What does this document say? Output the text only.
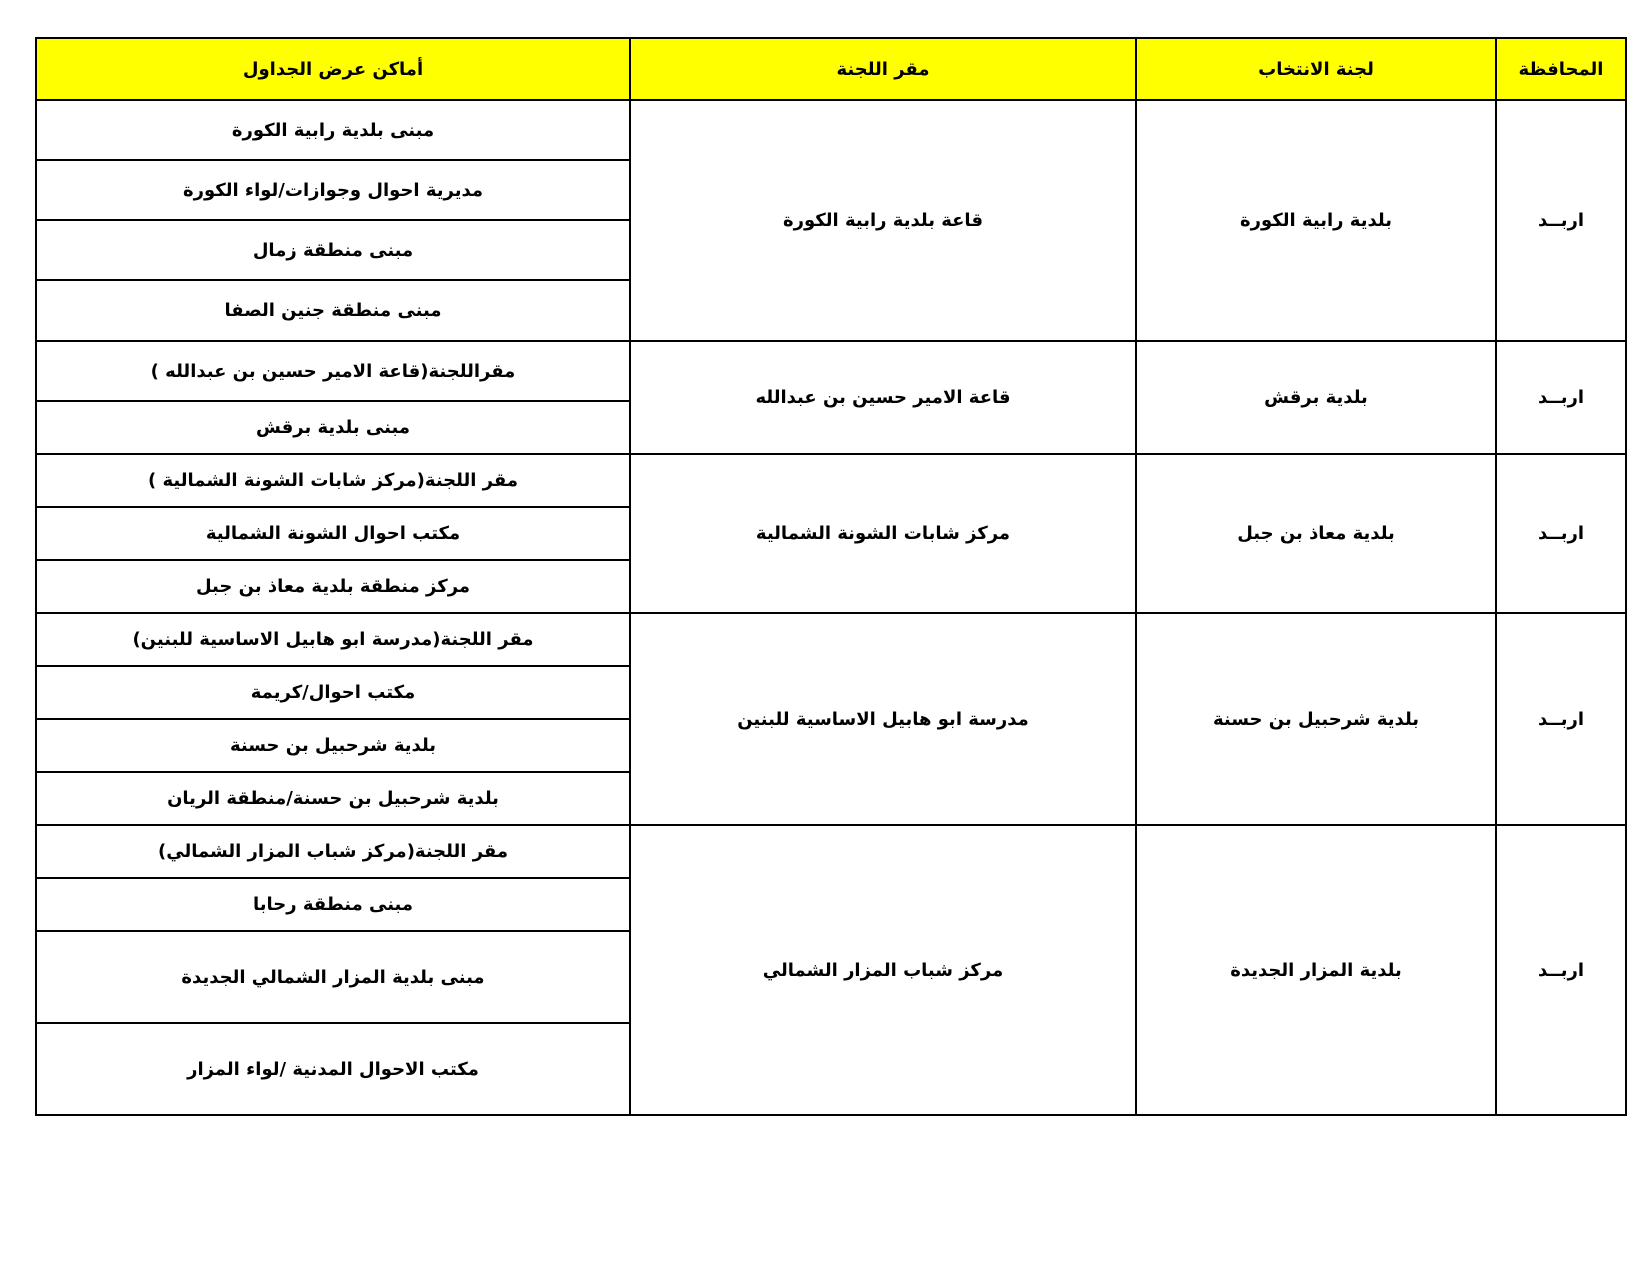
المحافظة	لجنة الانتخاب	مقر اللجنة	أماكن عرض الجداول
اربــد	بلدية رابية الكورة	قاعة بلدية رابية الكورة	مبنى بلدية رابية الكورة
			مديرية احوال وجوازات/لواء الكورة
			مبنى منطقة زمال
			مبنى منطقة جنين الصفا
اربــد	بلدية برقش	قاعة الامير حسين بن عبدالله	مقراللجنة(قاعة الامير حسين بن عبدالله )
			مبنى بلدية برقش
اربــد	بلدية معاذ بن جبل	مركز شابات الشونة الشمالية	مقر اللجنة(مركز شابات الشونة الشمالية )
			مكتب احوال الشونة الشمالية
			مركز منطقة بلدية معاذ بن جبل
اربــد	بلدية شرحبيل بن حسنة	مدرسة ابو هابيل الاساسية للبنين	مقر اللجنة(مدرسة ابو هابيل الاساسية للبنين)
			مكتب احوال/كريمة
			بلدية شرحبيل بن حسنة
			بلدية شرحبيل بن حسنة/منطقة الريان
اربــد	بلدية المزار الجديدة	مركز شباب المزار الشمالي	مقر اللجنة(مركز شباب المزار الشمالي)
			مبنى منطقة رحابا
			مبنى بلدية المزار الشمالي الجديدة
			مكتب الاحوال المدنية /لواء المزار
